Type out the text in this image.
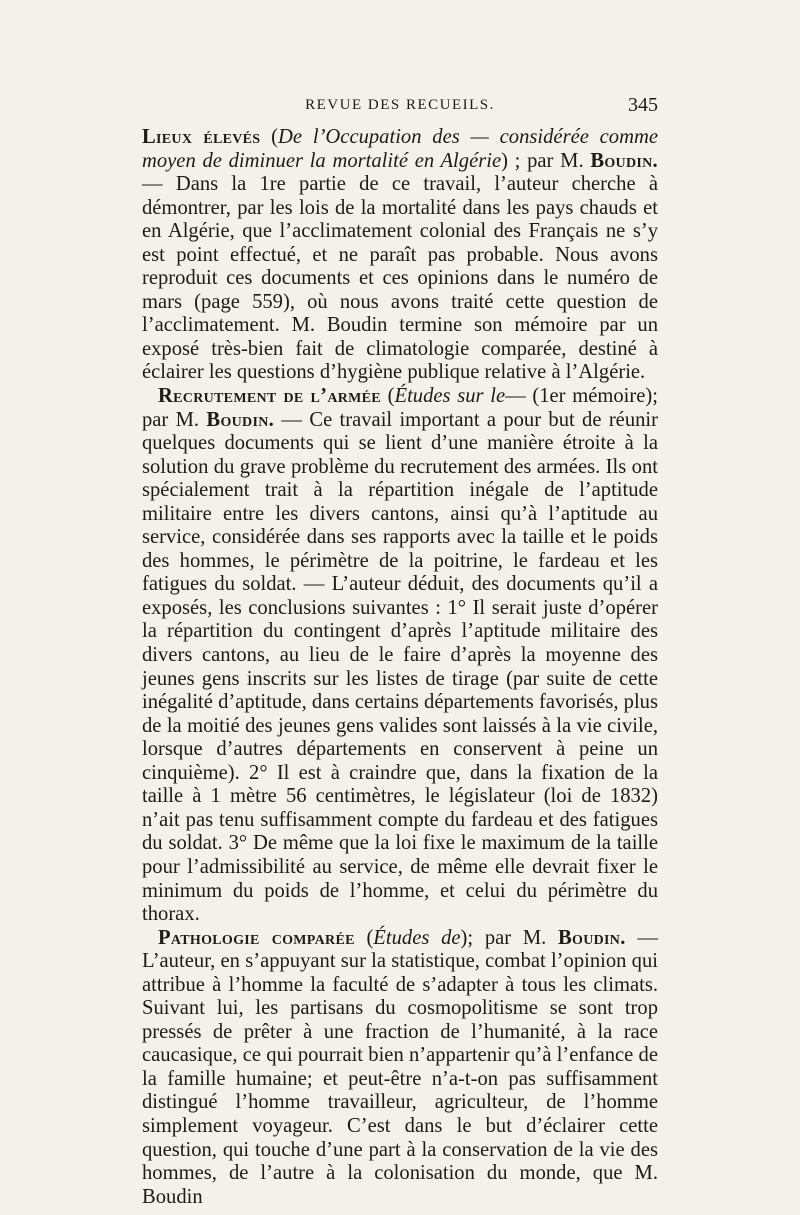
REVUE DES RECUEILS.	345

Lieux élevés (De l’Occupation des — considérée comme moyen de diminuer la mortalité en Algérie) ; par M. Boudin. — Dans la 1re partie de ce travail, l’auteur cherche à démontrer, par les lois de la mortalité dans les pays chauds et en Algérie, que l’acclimatement colonial des Français ne s’y est point effectué, et ne paraît pas probable. Nous avons reproduit ces documents et ces opinions dans le numéro de mars (page 559), où nous avons traité cette question de l’acclimatement. M. Boudin termine son mémoire par un exposé très-bien fait de climatologie comparée, destiné à éclairer les questions d’hygiène publique relative à l’Algérie.

Recrutement de l’armée (Études sur le— (1er mémoire); par M. Boudin. — Ce travail important a pour but de réunir quelques documents qui se lient d’une manière étroite à la solution du grave problème du recrutement des armées. Ils ont spécialement trait à la répartition inégale de l’aptitude militaire entre les divers cantons, ainsi qu’à l’aptitude au service, considérée dans ses rapports avec la taille et le poids des hommes, le périmètre de la poitrine, le fardeau et les fatigues du soldat. — L’auteur déduit, des documents qu’il a exposés, les conclusions suivantes : 1° Il serait juste d’opérer la répartition du contingent d’après l’aptitude militaire des divers cantons, au lieu de le faire d’après la moyenne des jeunes gens inscrits sur les listes de tirage (par suite de cette inégalité d’aptitude, dans certains départements favorisés, plus de la moitié des jeunes gens valides sont laissés à la vie civile, lorsque d’autres départements en conservent à peine un cinquième). 2° Il est à craindre que, dans la fixation de la taille à 1 mètre 56 centimètres, le législateur (loi de 1832) n’ait pas tenu suffisamment compte du fardeau et des fatigues du soldat. 3° De même que la loi fixe le maximum de la taille pour l’admissibilité au service, de même elle devrait fixer le minimum du poids de l’homme, et celui du périmètre du thorax.

Pathologie comparée (Études de); par M. Boudin. — L’auteur, en s’appuyant sur la statistique, combat l’opinion qui attribue à l’homme la faculté de s’adapter à tous les climats. Suivant lui, les partisans du cosmopolitisme se sont trop pressés de prêter à une fraction de l’humanité, à la race caucasique, ce qui pourrait bien n’appartenir qu’à l’enfance de la famille humaine; et peut-être n’a-t-on pas suffisamment distingué l’homme travailleur, agriculteur, de l’homme simplement voyageur. C’est dans le but d’éclairer cette question, qui touche d’une part à la conservation de la vie des hommes, de l’autre à la colonisation du monde, que M. Boudin
